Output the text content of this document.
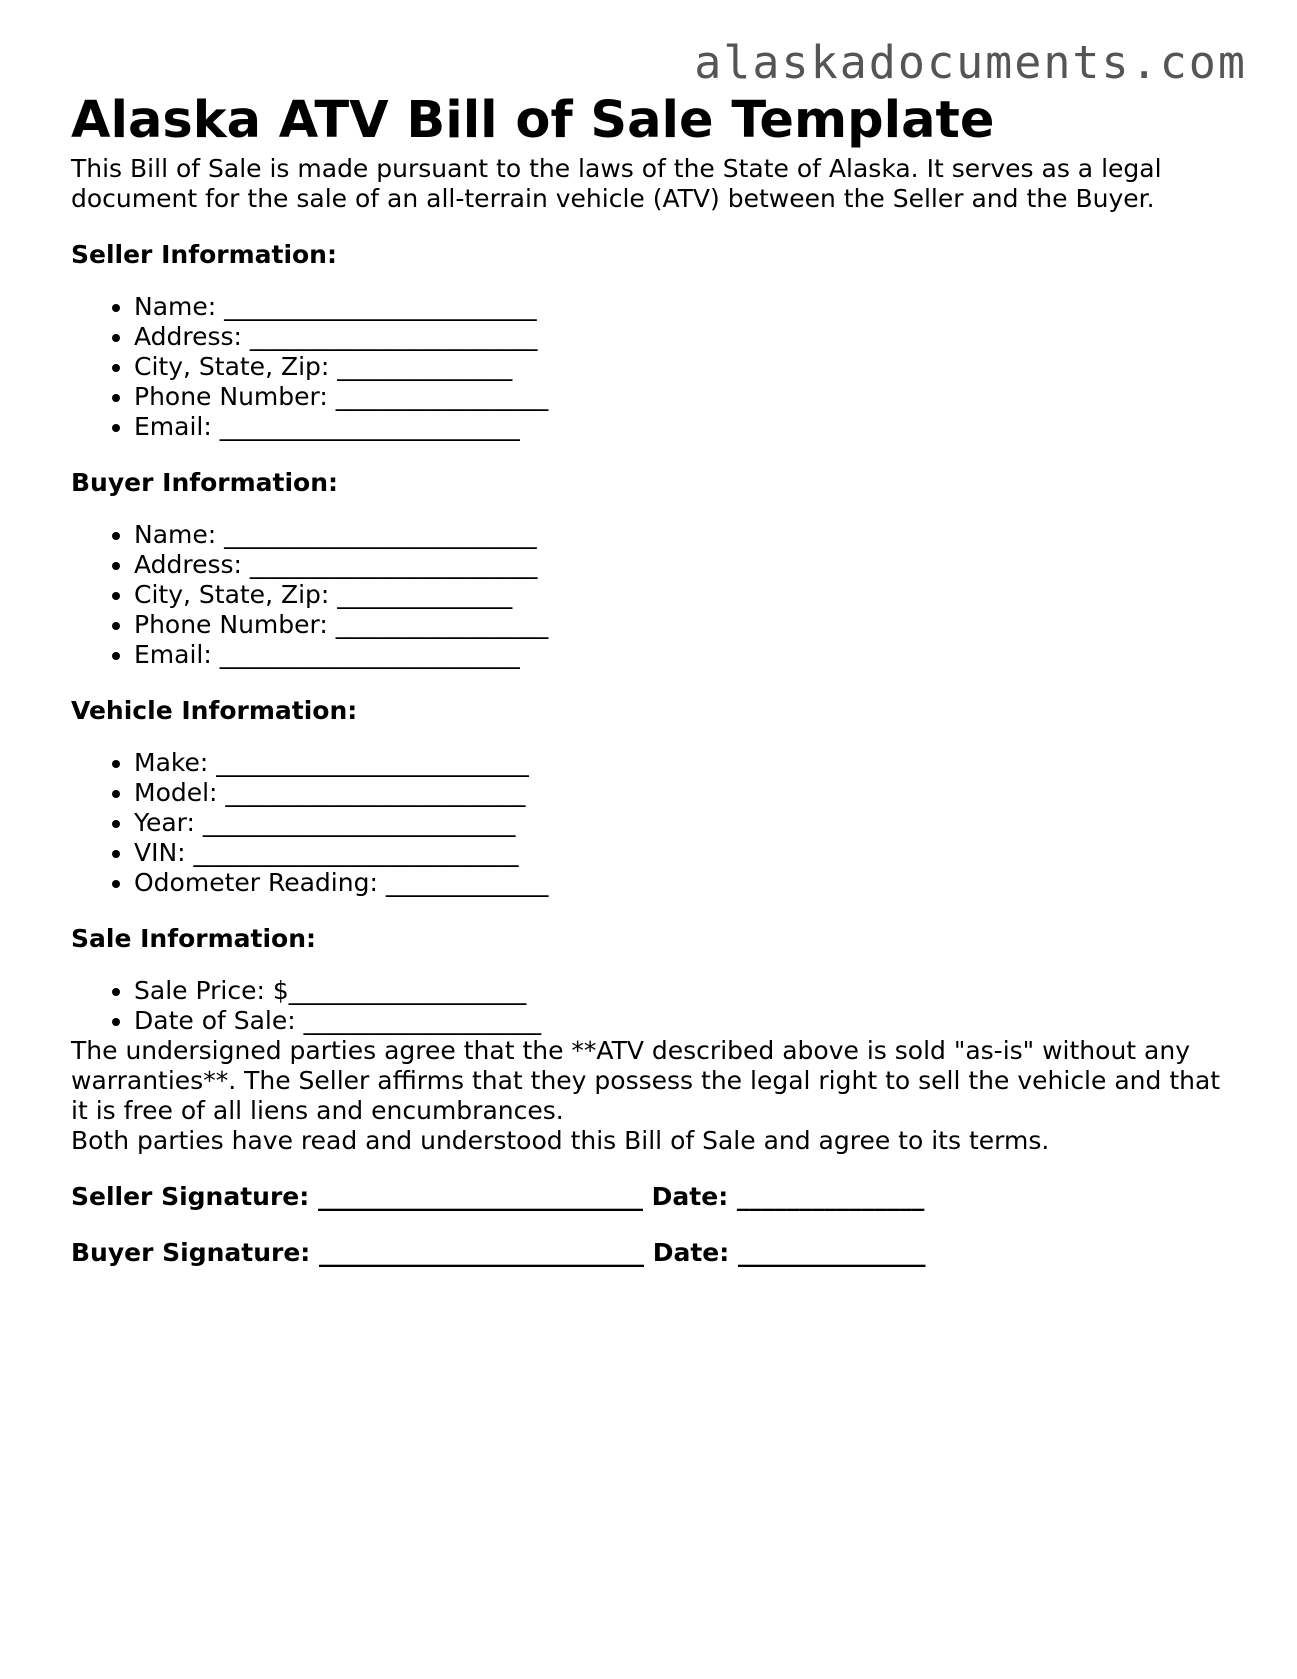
alaskadocuments.com
Alaska ATV Bill of Sale Template

This Bill of Sale is made pursuant to the laws of the State of Alaska. It serves as a legal document for the sale of an all-terrain vehicle (ATV) between the Seller and the Buyer.

Seller Information:
• Name: _________________________
• Address: _______________________
• City, State, Zip: ______________
• Phone Number: _________________
• Email: ________________________
Buyer Information:
• Name: _________________________
• Address: _______________________
• City, State, Zip: ______________
• Phone Number: _________________
• Email: ________________________
Vehicle Information:
• Make: _________________________
• Model: ________________________
• Year: _________________________
• VIN: __________________________
• Odometer Reading: _____________
Sale Information:
• Sale Price: $___________________
• Date of Sale: ___________________

The undersigned parties agree that the **ATV described above is sold "as-is" without any warranties**. The Seller affirms that they possess the legal right to sell the vehicle and that it is free of all liens and encumbrances.

Both parties have read and understood this Bill of Sale and agree to its terms.

Seller Signature: __________________________ Date: _______________

Buyer Signature: __________________________ Date: _______________
